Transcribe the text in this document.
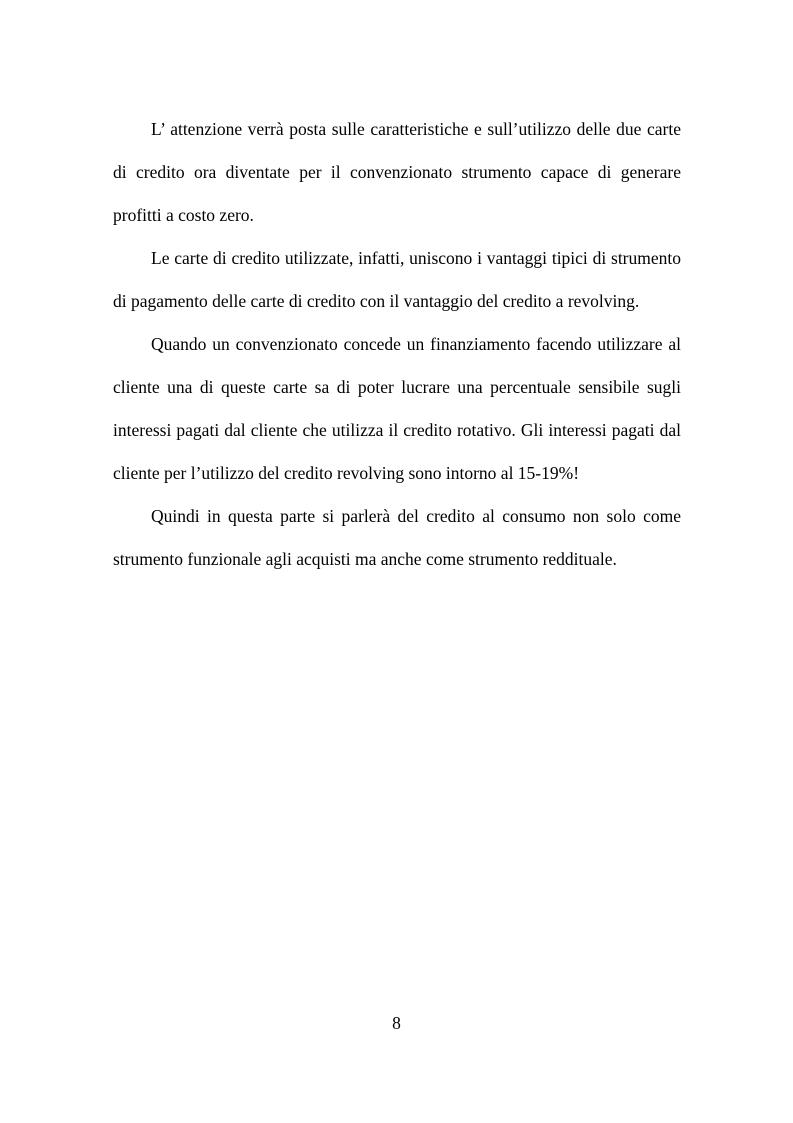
L’ attenzione verrà posta sulle caratteristiche e sull’utilizzo delle due carte di credito ora diventate per il convenzionato strumento capace di generare profitti a costo zero.

Le carte di credito utilizzate, infatti, uniscono i vantaggi tipici di strumento di pagamento delle carte di credito con il vantaggio del credito a revolving.

Quando un convenzionato concede un finanziamento facendo utilizzare al cliente una di queste carte sa di poter lucrare una percentuale sensibile sugli interessi pagati dal cliente che utilizza il credito rotativo. Gli interessi pagati dal cliente per l’utilizzo del credito revolving sono intorno al 15-19%!

Quindi in questa parte si parlerà del credito al consumo non solo come strumento funzionale agli acquisti ma anche come strumento reddituale.

8
